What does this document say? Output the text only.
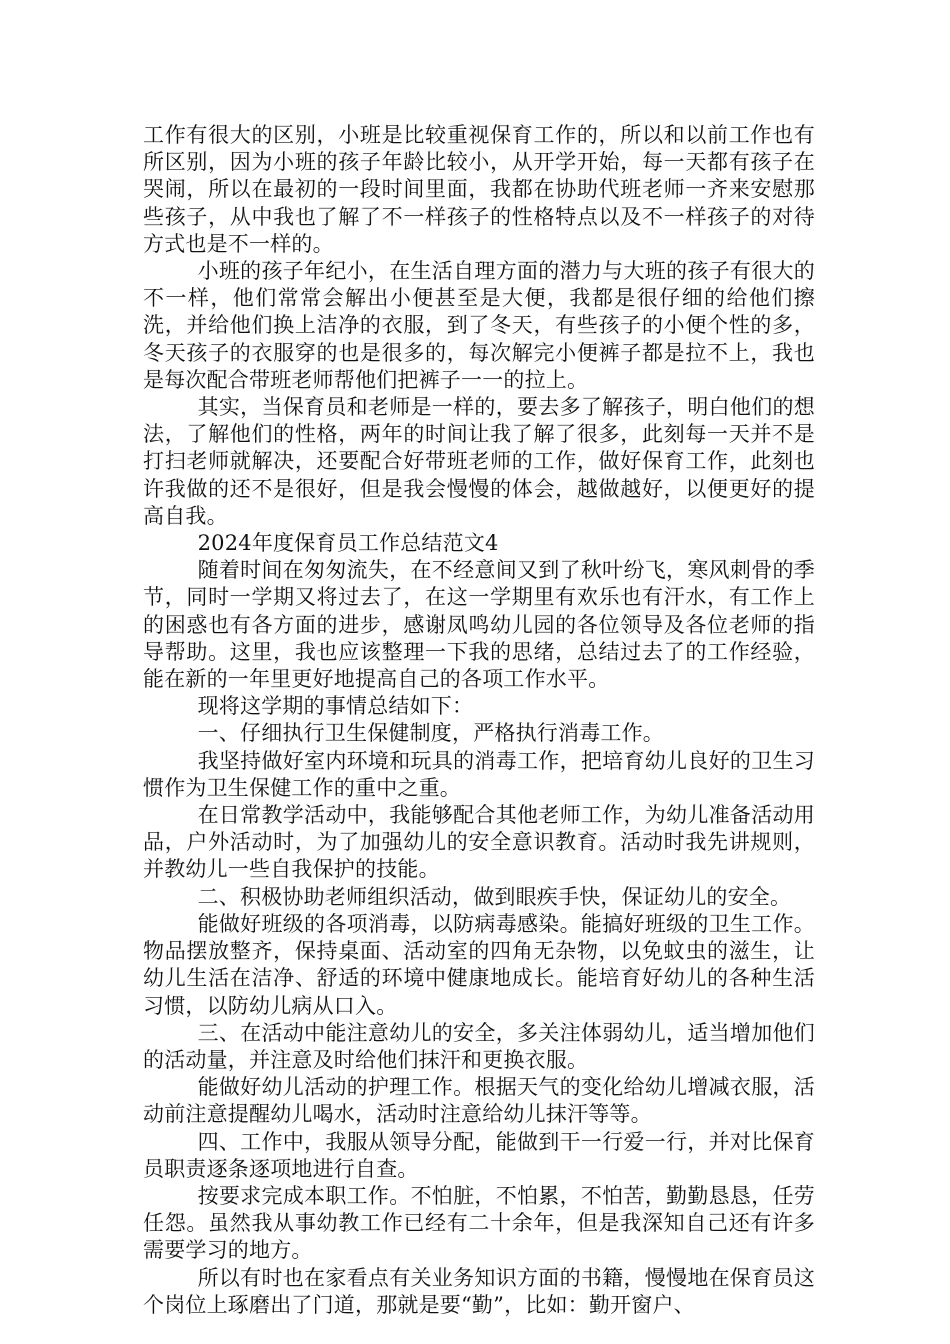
工作有很大的区别，小班是比较重视保育工作的，所以和以前工作也有所区别，因为小班的孩子年龄比较小，从开学开始，每一天都有孩子在哭闹，所以在最初的一段时间里面，我都在协助代班老师一齐来安慰那些孩子，从中我也了解了不一样孩子的性格特点以及不一样孩子的对待方式也是不一样的。

小班的孩子年纪小，在生活自理方面的潜力与大班的孩子有很大的不一样，他们常常会解出小便甚至是大便，我都是很仔细的给他们擦洗，并给他们换上洁净的衣服，到了冬天，有些孩子的小便个性的多，冬天孩子的衣服穿的也是很多的，每次解完小便裤子都是拉不上，我也是每次配合带班老师帮他们把裤子一一的拉上。

其实，当保育员和老师是一样的，要去多了解孩子，明白他们的想法，了解他们的性格，两年的时间让我了解了很多，此刻每一天并不是打扫老师就解决，还要配合好带班老师的工作，做好保育工作，此刻也许我做的还不是很好，但是我会慢慢的体会，越做越好，以便更好的提高自我。

2024年度保育员工作总结范文4

随着时间在匆匆流失，在不经意间又到了秋叶纷飞，寒风刺骨的季节，同时一学期又将过去了，在这一学期里有欢乐也有汗水，有工作上的困惑也有各方面的进步，感谢凤鸣幼儿园的各位领导及各位老师的指导帮助。这里，我也应该整理一下我的思绪，总结过去了的工作经验，能在新的一年里更好地提高自己的各项工作水平。

现将这学期的事情总结如下：

一、仔细执行卫生保健制度，严格执行消毒工作。

我坚持做好室内环境和玩具的消毒工作，把培育幼儿良好的卫生习惯作为卫生保健工作的重中之重。

在日常教学活动中，我能够配合其他老师工作，为幼儿准备活动用品，户外活动时，为了加强幼儿的安全意识教育。活动时我先讲规则，并教幼儿一些自我保护的技能。

二、积极协助老师组织活动，做到眼疾手快，保证幼儿的安全。

能做好班级的各项消毒，以防病毒感染。能搞好班级的卫生工作。物品摆放整齐，保持桌面、活动室的四角无杂物，以免蚊虫的滋生，让幼儿生活在洁净、舒适的环境中健康地成长。能培育好幼儿的各种生活习惯，以防幼儿病从口入。

三、在活动中能注意幼儿的安全，多关注体弱幼儿，适当增加他们的活动量，并注意及时给他们抹汗和更换衣服。

能做好幼儿活动的护理工作。根据天气的变化给幼儿增减衣服，活动前注意提醒幼儿喝水，活动时注意给幼儿抹汗等等。

四、工作中，我服从领导分配，能做到干一行爱一行，并对比保育员职责逐条逐项地进行自查。

按要求完成本职工作。不怕脏，不怕累，不怕苦，勤勤恳恳，任劳任怨。虽然我从事幼教工作已经有二十余年，但是我深知自己还有许多需要学习的地方。

所以有时也在家看点有关业务知识方面的书籍，慢慢地在保育员这个岗位上琢磨出了门道，那就是要“勤”，比如：勤开窗户、
